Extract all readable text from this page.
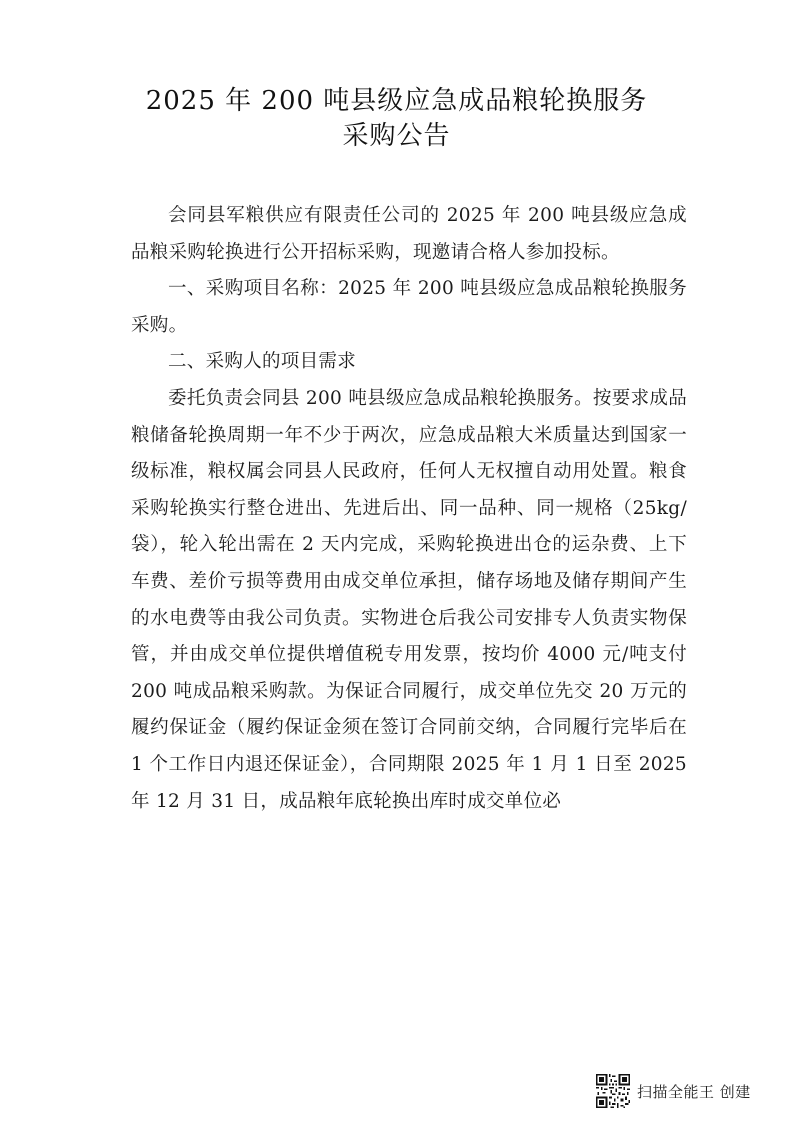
2025 年 200 吨县级应急成品粮轮换服务
采购公告

会同县军粮供应有限责任公司的 2025 年 200 吨县级应急成品粮采购轮换进行公开招标采购，现邀请合格人参加投标。

一、采购项目名称：2025 年 200 吨县级应急成品粮轮换服务采购。

二、采购人的项目需求

委托负责会同县 200 吨县级应急成品粮轮换服务。按要求成品粮储备轮换周期一年不少于两次，应急成品粮大米质量达到国家一级标准，粮权属会同县人民政府，任何人无权擅自动用处置。粮食采购轮换实行整仓进出、先进后出、同一品种、同一规格（25kg/袋），轮入轮出需在 2 天内完成，采购轮换进出仓的运杂费、上下车费、差价亏损等费用由成交单位承担，储存场地及储存期间产生的水电费等由我公司负责。实物进仓后我公司安排专人负责实物保管，并由成交单位提供增值税专用发票，按均价 4000 元/吨支付 200 吨成品粮采购款。为保证合同履行，成交单位先交 20 万元的履约保证金（履约保证金须在签订合同前交纳，合同履行完毕后在 1 个工作日内退还保证金），合同期限 2025 年 1 月 1 日至 2025 年 12 月 31 日，成品粮年底轮换出库时成交单位必

扫描全能王 创建
